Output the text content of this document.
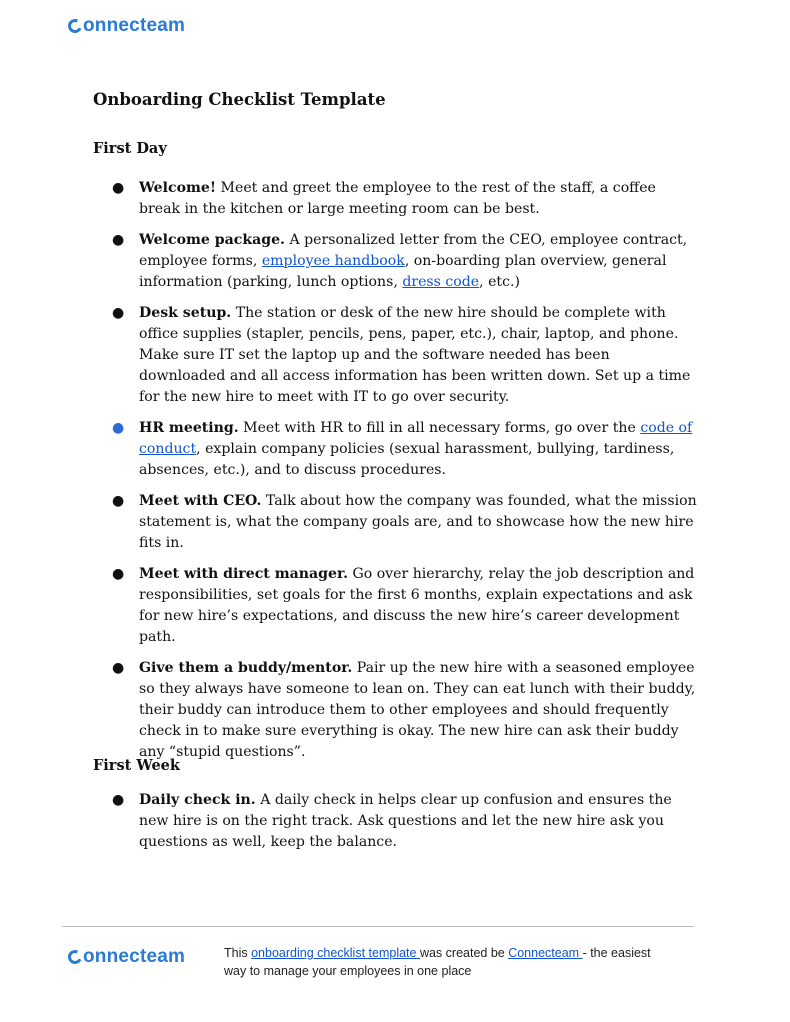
onnecteam
Onboarding Checklist Template
First Day
● Welcome! Meet and greet the employee to the rest of the staff, a coffee break in the kitchen or large meeting room can be best.
● Welcome package. A personalized letter from the CEO, employee contract, employee forms, employee handbook, on-boarding plan overview, general information (parking, lunch options, dress code, etc.)
● Desk setup. The station or desk of the new hire should be complete with office supplies (stapler, pencils, pens, paper, etc.), chair, laptop, and phone. Make sure IT set the laptop up and the software needed has been downloaded and all access information has been written down. Set up a time for the new hire to meet with IT to go over security.
● HR meeting. Meet with HR to fill in all necessary forms, go over the code of conduct, explain company policies (sexual harassment, bullying, tardiness, absences, etc.), and to discuss procedures.
● Meet with CEO. Talk about how the company was founded, what the mission statement is, what the company goals are, and to showcase how the new hire fits in.
● Meet with direct manager. Go over hierarchy, relay the job description and responsibilities, set goals for the first 6 months, explain expectations and ask for new hire’s expectations, and discuss the new hire’s career development path.
● Give them a buddy/mentor. Pair up the new hire with a seasoned employee so they always have someone to lean on. They can eat lunch with their buddy, their buddy can introduce them to other employees and should frequently check in to make sure everything is okay. The new hire can ask their buddy any “stupid questions”.
First Week
● Daily check in. A daily check in helps clear up confusion and ensures the new hire is on the right track. Ask questions and let the new hire ask you questions as well, keep the balance.
onnecteam	This onboarding checklist template was created be Connecteam - the easiest way to manage your employees in one place
